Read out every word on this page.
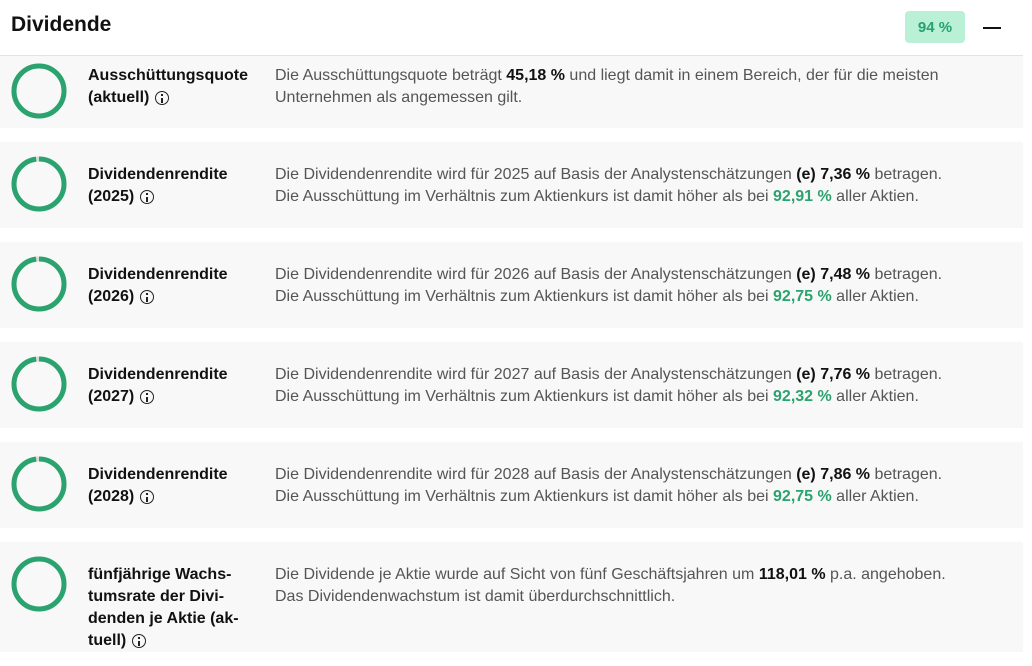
Dividende	94 %
Ausschüttungsquote
(aktuell)
Die Ausschüttungsquote beträgt 45,18 % und liegt damit in einem Bereich, der für die meisten
Unternehmen als angemessen gilt.
Dividendenrendite
(2025)
Die Dividendenrendite wird für 2025 auf Basis der Analystenschätzungen (e) 7,36 % betragen.
Die Ausschüttung im Verhältnis zum Aktienkurs ist damit höher als bei 92,91 % aller Aktien.
Dividendenrendite
(2026)
Die Dividendenrendite wird für 2026 auf Basis der Analystenschätzungen (e) 7,48 % betragen.
Die Ausschüttung im Verhältnis zum Aktienkurs ist damit höher als bei 92,75 % aller Aktien.
Dividendenrendite
(2027)
Die Dividendenrendite wird für 2027 auf Basis der Analystenschätzungen (e) 7,76 % betragen.
Die Ausschüttung im Verhältnis zum Aktienkurs ist damit höher als bei 92,32 % aller Aktien.
Dividendenrendite
(2028)
Die Dividendenrendite wird für 2028 auf Basis der Analystenschätzungen (e) 7,86 % betragen.
Die Ausschüttung im Verhältnis zum Aktienkurs ist damit höher als bei 92,75 % aller Aktien.
fünfjährige Wachs-
tumsrate der Divi-
denden je Aktie (ak-
tuell)
Die Dividende je Aktie wurde auf Sicht von fünf Geschäftsjahren um 118,01 % p.a. angehoben.
Das Dividendenwachstum ist damit überdurchschnittlich.
